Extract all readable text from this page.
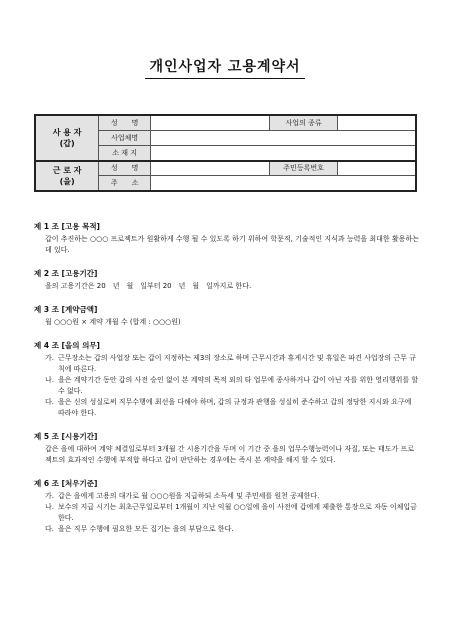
개인사업자 고용계약서
사 용 자
(갑)	성　　명		사업의 종류	
	사업체명			
	소 재 지			
근 로 자
(을)	성　　명		주민등록번호	
	주　　소			
제 1 조 [고용 목적]
갑이 추진하는 ○○○ 프로젝트가 원활하게 수행 될 수 있도록 하기 위하여 학문적, 기술적인 지식과 능력을 최대한 활용하는데 있다.
제 2 조 [고용기간]
을의 고용기간은 20　년　월　일부터 20　년　월　일까지로 한다.
제 3 조 [계약금액]
월 ○○○원 × 계약 개월 수 (합계 : ○○○원)
제 4 조 [을의 의무]
가. 근무장소는 갑의 사업장 또는 갑이 지정하는 제3의 장소로 하며 근무시간과 휴게시간 및 휴일은 파견 사업장의 근무 규칙에 따른다.
나. 을은 계약기간 동안 갑의 사전 승인 없이 본 계약의 목적 외의 타 업무에 종사하거나 갑이 아닌 자를 위한 영리행위를 할 수 없다.
다. 을은 신의 성실로써 직무수행에 최선을 다해야 하며, 갑의 규정과 관행을 성실히 준수하고 갑의 정당한 지시와 요구에 따라야 한다.
제 5 조 [시용기간]
갑은 을에 대하여 계약 체결일로부터 3개월 간 시용기간을 두며 이 기간 중 을의 업무수행능력이나 자질, 또는 태도가 프로젝트의 효과적인 수행에 부적합 하다고 갑이 판단하는 경우에는 즉시 본 계약을 해지 할 수 있다.
제 6 조 [처우기준]
가. 갑은 을에게 고용의 대가로 월 ○○○원을 지급하되 소득세 및 주민세를 원천 공제한다.
나. 보수의 지급 시기는 최초근무일로부터 1개월이 지난 익월 ○○일에 을이 사전에 갑에게 제출한 통장으로 자동 이체입금 한다.
다. 을은 직무 수행에 필요한 모든 집기는 을의 부담으로 한다.
